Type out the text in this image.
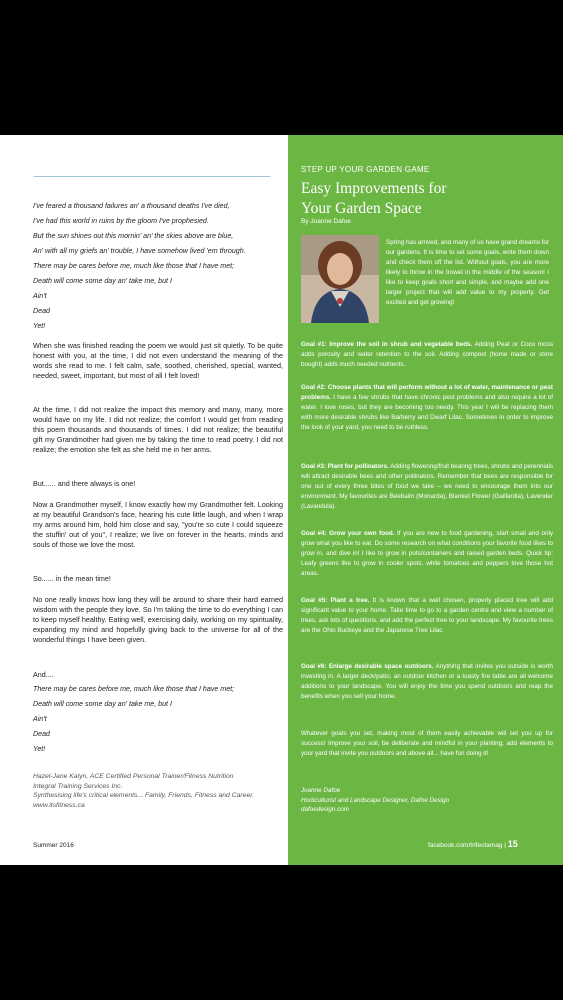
I've feared a thousand failures an' a thousand deaths I've died,

I've had this world in ruins by the gloom I've prophesied.

But the sun shines out this mornin' an' the skies above are blue,

An' with all my griefs an' trouble, I have somehow lived 'em through.

There may be cares before me, much like those that I have met;

Death will come some day an' take me, but I

Ain't

Dead

Yet!

When she was finished reading the poem we would just sit quietly. To be quite honest with you, at the time, I did not even understand the meaning of the words she read to me. I felt calm, safe, soothed, cherished, special, wanted, needed, sweet, important, but most of all I felt loved!

At the time, I did not realize the impact this memory and many, many, more would have on my life. I did not realize; the comfort I would get from reading this poem thousands and thousands of times. I did not realize; the beautiful gift my Grandmother had given me by taking the time to read poetry. I did not realize; the emotion she felt as she held me in her arms.

But...... and there always is one!

Now a Grandmother myself, I know exactly how my Grandmother felt. Looking at my beautiful Grandson's face, hearing his cute little laugh, and when I wrap my arms around him, hold him close and say, "you're so cute I could squeeze the stuffin' out of you", I realize; we live on forever in the hearts, minds and souls of those we love the most.

So...... in the mean time!

No one really knows how long they will be around to share their hard earned wisdom with the people they love. So I'm taking the time to do everything I can to keep myself healthy. Eating well, exercising daily, working on my spirituality, expanding my mind and hopefully giving back to the universe for all of the wonderful things I have been given.

And....

There may be cares before me, much like those that I have met;

Death will come some day an' take me, but I

Ain't

Dead

Yet!

Hazel-Jane Kalyn, ACE Certified Personal Trainer/Fitness Nutrition

Integral Training Services Inc.

Synthesising life's critical elements... Family, Friends, Fitness and Career.

www.itsfitness.ca

Summer 2016
STEP UP YOUR GARDEN GAME
Easy Improvements for
Your Garden Space
By Joanne Dafoe
Spring has arrived, and many of us have grand dreams for our gardens. It is time to set some goals, write them down and check them off the list. Without goals, you are more likely to throw in the trowel in the middle of the season! I like to keep goals short and simple, and maybe add one larger project that will add value to my property. Get excited and get growing!
Goal #1: Improve the soil in shrub and vegetable beds. Adding Peat or Coco moss adds porosity and water retention to the soil. Adding compost (home made or store bought) adds much needed nutrients.
Goal #2: Choose plants that will perform without a lot of water, maintenance or pest problems. I have a few shrubs that have chronic pest problems and also require a lot of water. I love roses, but they are becoming too needy. This year I will be replacing them with more desirable shrubs like Barberry and Dwarf Lilac. Sometimes in order to improve the look of your yard, you need to be ruthless.
Goal #3: Plant for pollinators. Adding flowering/fruit bearing trees, shrubs and perennials will attract desirable bees and other pollinators. Remember that bees are responsible for one out of every three bites of food we take – we need to encourage them into our environment. My favourites are Beebalm (Monarda), Blanket Flower (Gaillardia), Lavender (Lavandula).
Goal #4: Grow your own food. If you are new to food gardening, start small and only grow what you like to eat. Do some research on what conditions your favorite food likes to grow in, and dive in! I like to grow in pots/containers and raised garden beds. Quick tip: Leafy greens like to grow in cooler spots, while tomatoes and peppers love those hot areas.
Goal #5: Plant a tree. It is known that a well chosen, properly placed tree will add significant value to your home. Take time to go to a garden centre and view a number of trees, ask lots of questions, and add the perfect tree to your landscape. My favourite trees are the Ohio Buckeye and the Japanese Tree Lilac.
Goal #6: Enlarge desirable space outdoors. Anything that invites you outside is worth investing in. A larger deck/patio, an outdoor kitchen or a toasty fire table are all welcome additions to your landscape. You will enjoy the time you spend outdoors and reap the benefits when you sell your home.
Whatever goals you set, making most of them easily achievable will set you up for success! Improve your soil, be deliberate and mindful in your planting, add elements to your yard that invite you outdoors and above all... have fun doing it!

Joanne Dafoe

Horticulturist and Landscape Designer, Dafoe Design

dafoedesign.com

facebook.com/trifectamag | 15
